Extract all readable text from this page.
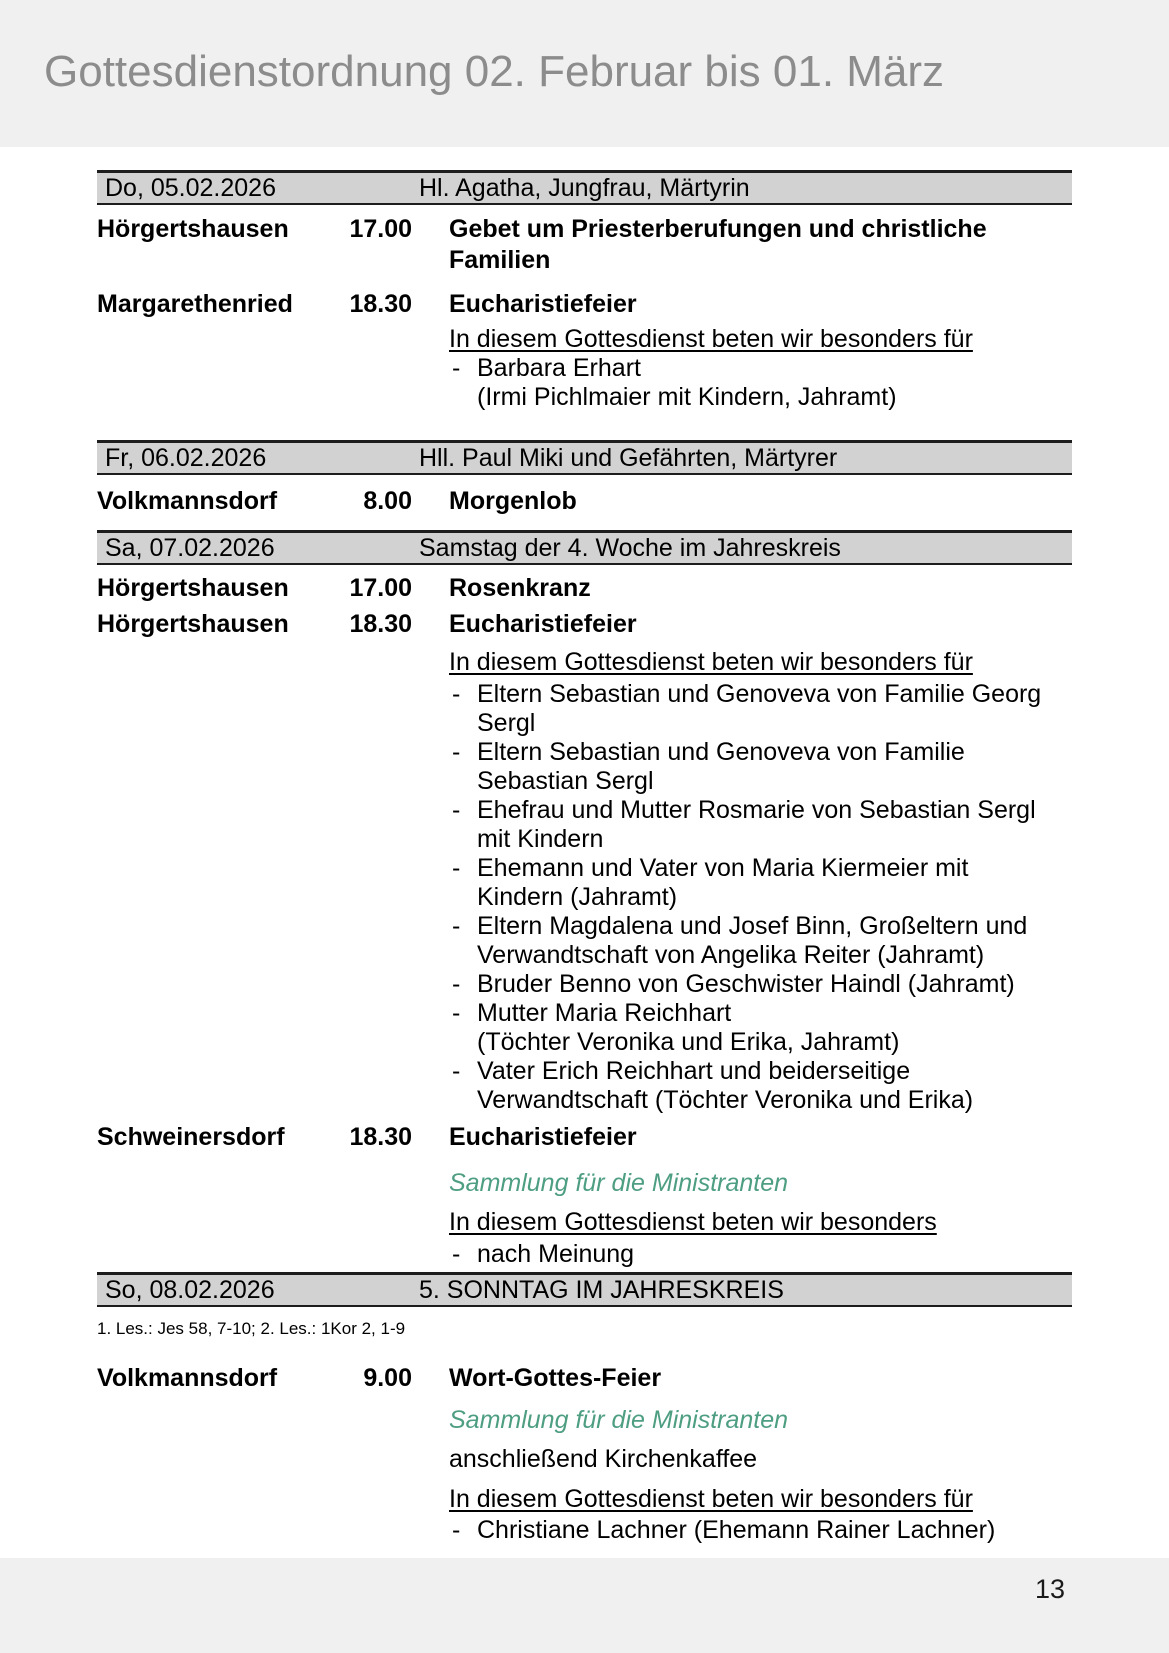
Gottesdienstordnung 02. Februar bis 01. März
Do, 05.02.2026	Hl. Agatha, Jungfrau, Märtyrin
Hörgertshausen	17.00 Gebet um Priesterberufungen und christliche
Familien
Margarethenried	18.30 Eucharistiefeier
In diesem Gottesdienst beten wir besonders für
- Barbara Erhart
(Irmi Pichlmaier mit Kindern, Jahramt)
Fr, 06.02.2026	Hll. Paul Miki und Gefährten, Märtyrer
Volkmannsdorf	8.00 Morgenlob
Sa, 07.02.2026	Samstag der 4. Woche im Jahreskreis
Hörgertshausen	17.00 Rosenkranz
Hörgertshausen	18.30 Eucharistiefeier
In diesem Gottesdienst beten wir besonders für
- Eltern Sebastian und Genoveva von Familie Georg
Sergl
- Eltern Sebastian und Genoveva von Familie
Sebastian Sergl
- Ehefrau und Mutter Rosmarie von Sebastian Sergl
mit Kindern
- Ehemann und Vater von Maria Kiermeier mit
Kindern (Jahramt)
- Eltern Magdalena und Josef Binn, Großeltern und
Verwandtschaft von Angelika Reiter (Jahramt)
- Bruder Benno von Geschwister Haindl (Jahramt)
- Mutter Maria Reichhart
(Töchter Veronika und Erika, Jahramt)
- Vater Erich Reichhart und beiderseitige
Verwandtschaft (Töchter Veronika und Erika)
Schweinersdorf	18.30 Eucharistiefeier
Sammlung für die Ministranten
In diesem Gottesdienst beten wir besonders
- nach Meinung
So, 08.02.2026	5. SONNTAG IM JAHRESKREIS
1. Les.: Jes 58, 7-10; 2. Les.: 1Kor 2, 1-9
Volkmannsdorf	9.00 Wort-Gottes-Feier
Sammlung für die Ministranten
anschließend Kirchenkaffee
In diesem Gottesdienst beten wir besonders für
- Christiane Lachner (Ehemann Rainer Lachner)
13
